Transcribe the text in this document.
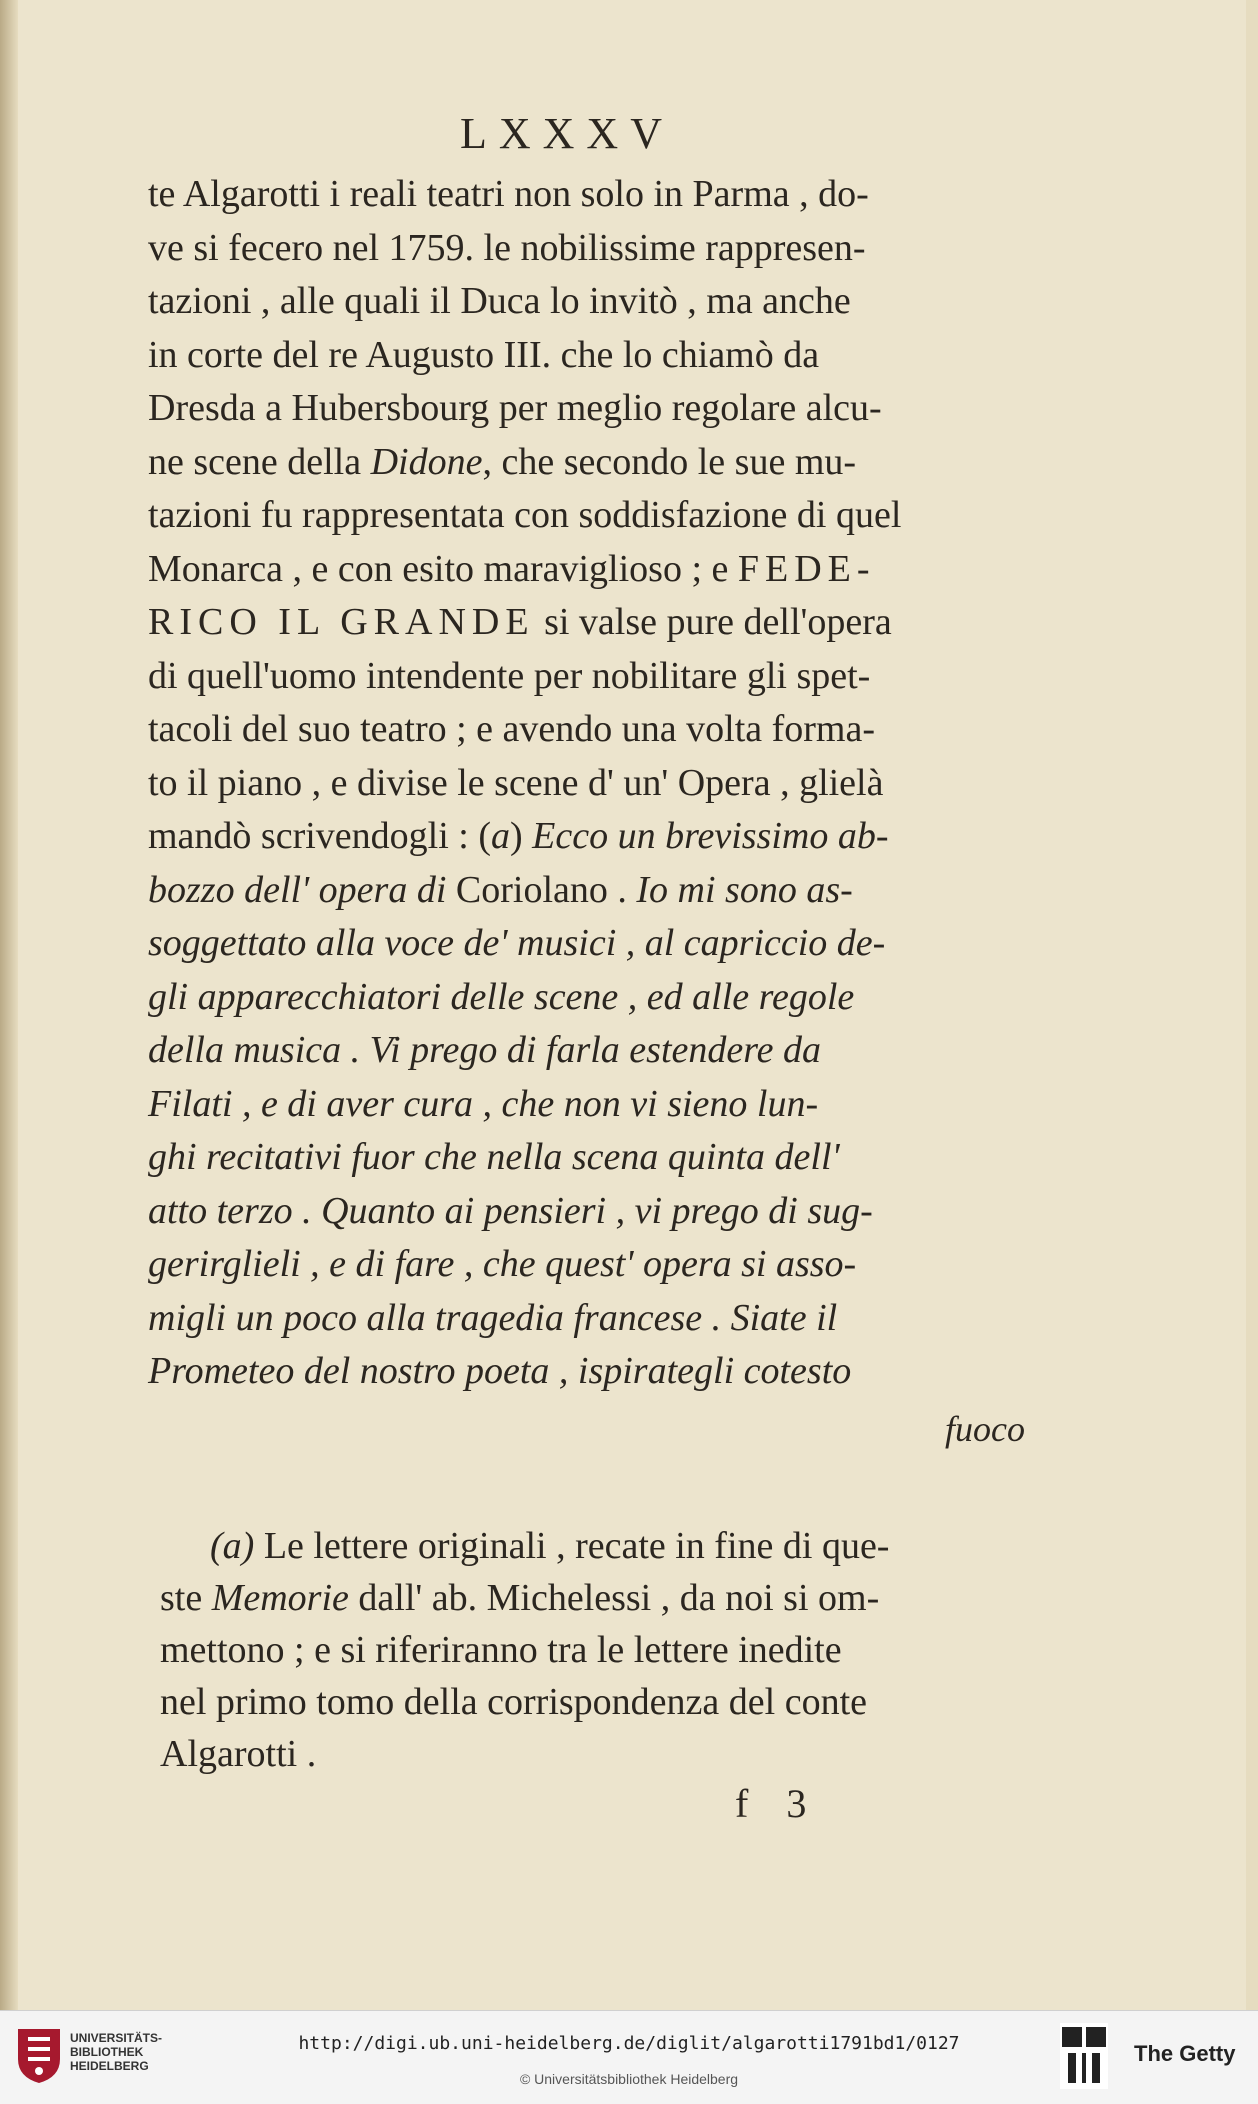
LXXXV
te Algarotti i reali teatri non solo in Parma , do-
ve si fecero nel 1759. le nobilissime rappresen-
tazioni , alle quali il Duca lo invitò , ma anche
in corte del re Augusto III. che lo chiamò da
Dresda a Hubersbourg per meglio regolare alcu-
ne scene della Didone, che secondo le sue mu-
tazioni fu rappresentata con soddisfazione di quel
Monarca , e con esito maraviglioso ; e FEDE-
RICO IL GRANDE si valse pure dell'opera
di quell'uomo intendente per nobilitare gli spet-
tacoli del suo teatro ; e avendo una volta forma-
to il piano , e divise le scene d' un' Opera , glielà
mandò scrivendogli : (a) Ecco un brevissimo ab-
bozzo dell' opera di Coriolano . Io mi sono as-
soggettato alla voce de' musici , al capriccio de-
gli apparecchiatori delle scene , ed alle regole
della musica . Vi prego di farla estendere da
Filati , e di aver cura , che non vi sieno lun-
ghi recitativi fuor che nella scena quinta dell'
atto terzo . Quanto ai pensieri , vi prego di sug-
gerirglieli , e di fare , che quest' opera si asso-
migli un poco alla tragedia francese . Siate il
Prometeo del nostro poeta , ispirategli cotesto
fuoco
(a) Le lettere originali , recate in fine di que-
ste Memorie dall' ab. Michelessi , da noi si om-
mettono ; e si riferiranno tra le lettere inedite
nel primo tomo della corrispondenza del conte
Algarotti .
f 3
UNIVERSITÄTS-
BIBLIOTHEK
HEIDELBERG
http://digi.ub.uni-heidelberg.de/diglit/algarotti1791bd1/0127
© Universitätsbibliothek Heidelberg
The Getty
